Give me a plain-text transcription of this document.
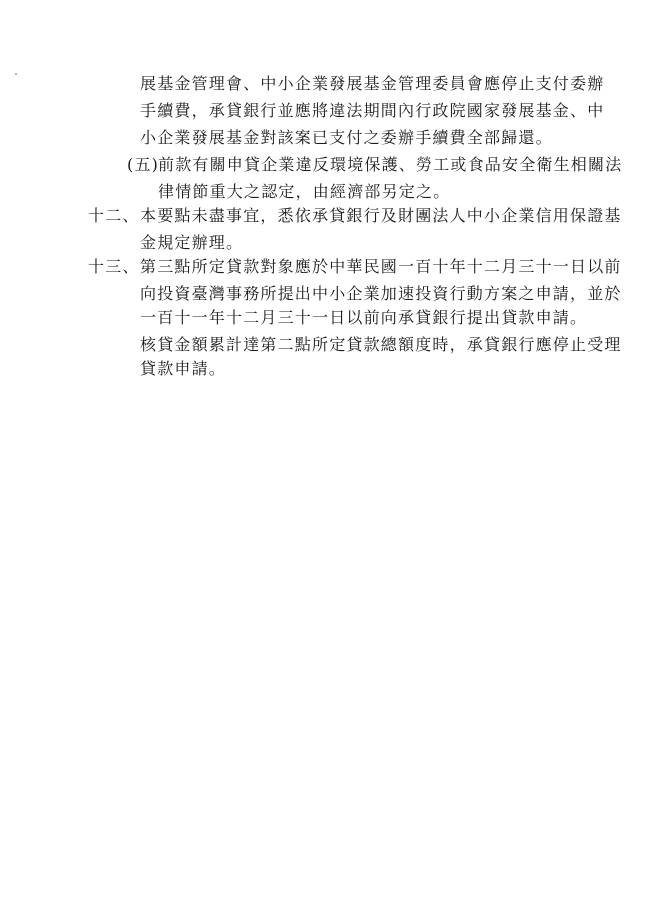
展基金管理會、中小企業發展基金管理委員會應停止支付委辦
手續費，承貸銀行並應將違法期間內行政院國家發展基金、中
小企業發展基金對該案已支付之委辦手續費全部歸還。
(五)
前款有關申貸企業違反環境保護、勞工或食品安全衛生相關法
律情節重大之認定，由經濟部另定之。
十二、 本要點未盡事宜，悉依承貸銀行及財團法人中小企業信用保證基
金規定辦理。
十三、 第三點所定貸款對象應於中華民國一百十年十二月三十一日以前
向投資臺灣事務所提出中小企業加速投資行動方案之申請，並於
一百十一年十二月三十一日以前向承貸銀行提出貸款申請。
核貸金額累計達第二點所定貸款總額度時，承貸銀行應停止受理
貸款申請。
